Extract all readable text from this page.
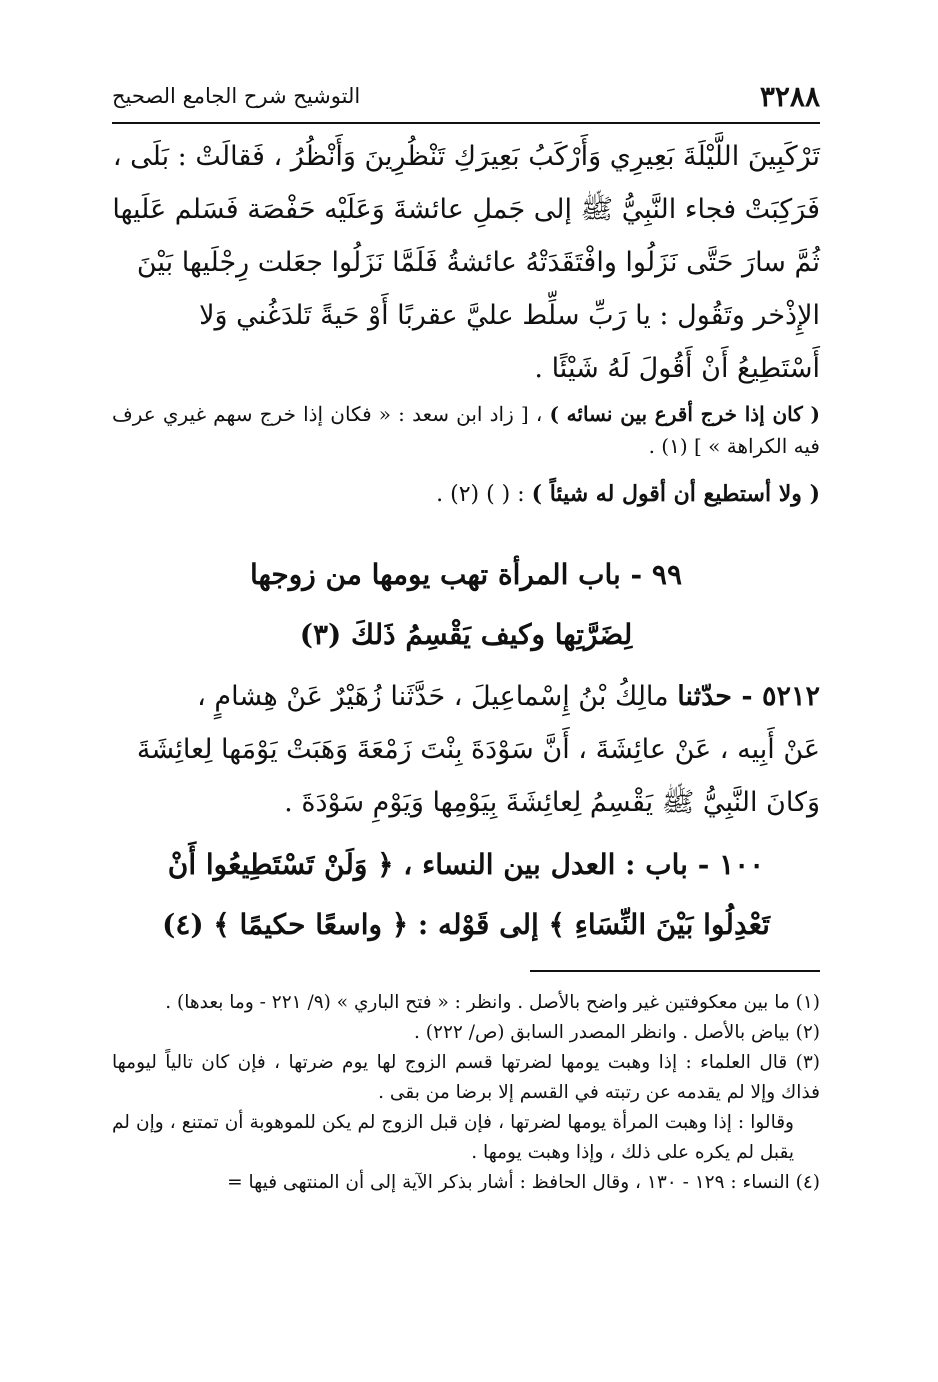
٣٢٨٨
التوشيح شرح الجامع الصحيح

تَرْكَبِينَ اللَّيْلَةَ بَعِيرِي وَأَرْكَبُ بَعِيرَكِ تَنْظُرِينَ وَأَنْظُرُ ، فَقالَتْ : بَلَى ،

فَرَكِبَتْ فجاء النَّبِيُّ ﷺ إلى جَملِ عائشةَ وَعَلَيْه حَفْصَة فَسَلم عَلَيها

ثُمَّ سارَ حَتَّى نَزَلُوا وافْتَقَدَتْهُ عائشةُ فَلَمَّا نَزَلُوا جعَلت رِجْلَيها بَيْنَ

الإِذْخر وتَقُول : يا رَبِّ سلِّط عليَّ عقربًا أَوْ حَيةً تَلدَغُني وَلا

أَسْتَطِيعُ أَنْ أَقُولَ لَهُ شَيْئًا .

( كان إذا خرج أقرع بين نسائه ) ، [ زاد ابن سعد : « فكان إذا خرج سهم غيري عرف فيه الكراهة » ] (١) .

( ولا أستطيع أن أقول له شيئاً ) : ( ) (٢) .

٩٩ - باب المرأة تهب يومها من زوجها
لِضَرَّتِها وكيف يَقْسِمُ ذَلكَ (٣)

٥٢١٢ - حدّثنا مالِكُ بْنُ إِسْماعِيلَ ، حَدَّثَنا زُهَيْرٌ عَنْ هِشامٍ ،

عَنْ أَبِيه ، عَنْ عائِشَةَ ، أَنَّ سَوْدَةَ بِنْتَ زَمْعَةَ وَهَبَتْ يَوْمَها لِعائِشَةَ

وَكانَ النَّبِيُّ ﷺ يَقْسِمُ لِعائِشَةَ بِيَوْمِها وَيَوْمِ سَوْدَةَ .

١٠٠ - باب : العدل بين النساء ، ﴿ وَلَنْ تَسْتَطِيعُوا أَنْ
تَعْدِلُوا بَيْنَ النِّسَاءِ ﴾ إلى قَوْله : ﴿ واسعًا حكيمًا ﴾ (٤)

(١) ما بين معكوفتين غير واضح بالأصل . وانظر : « فتح الباري » (٩/ ٢٢١ - وما بعدها) .

(٢) بياض بالأصل . وانظر المصدر السابق (ص/ ٢٢٢) .

(٣) قال العلماء : إذا وهبت يومها لضرتها قسم الزوج لها يوم ضرتها ، فإن كان تالياً ليومها فذاك وإلا لم يقدمه عن رتبته في القسم إلا برضا من بقى .

وقالوا : إذا وهبت المرأة يومها لضرتها ، فإن قبل الزوج لم يكن للموهوبة أن تمتنع ، وإن لم يقبل لم يكره على ذلك ، وإذا وهبت يومها .

(٤) النساء : ١٢٩ - ١٣٠ ، وقال الحافظ : أشار بذكر الآية إلى أن المنتهى فيها =
